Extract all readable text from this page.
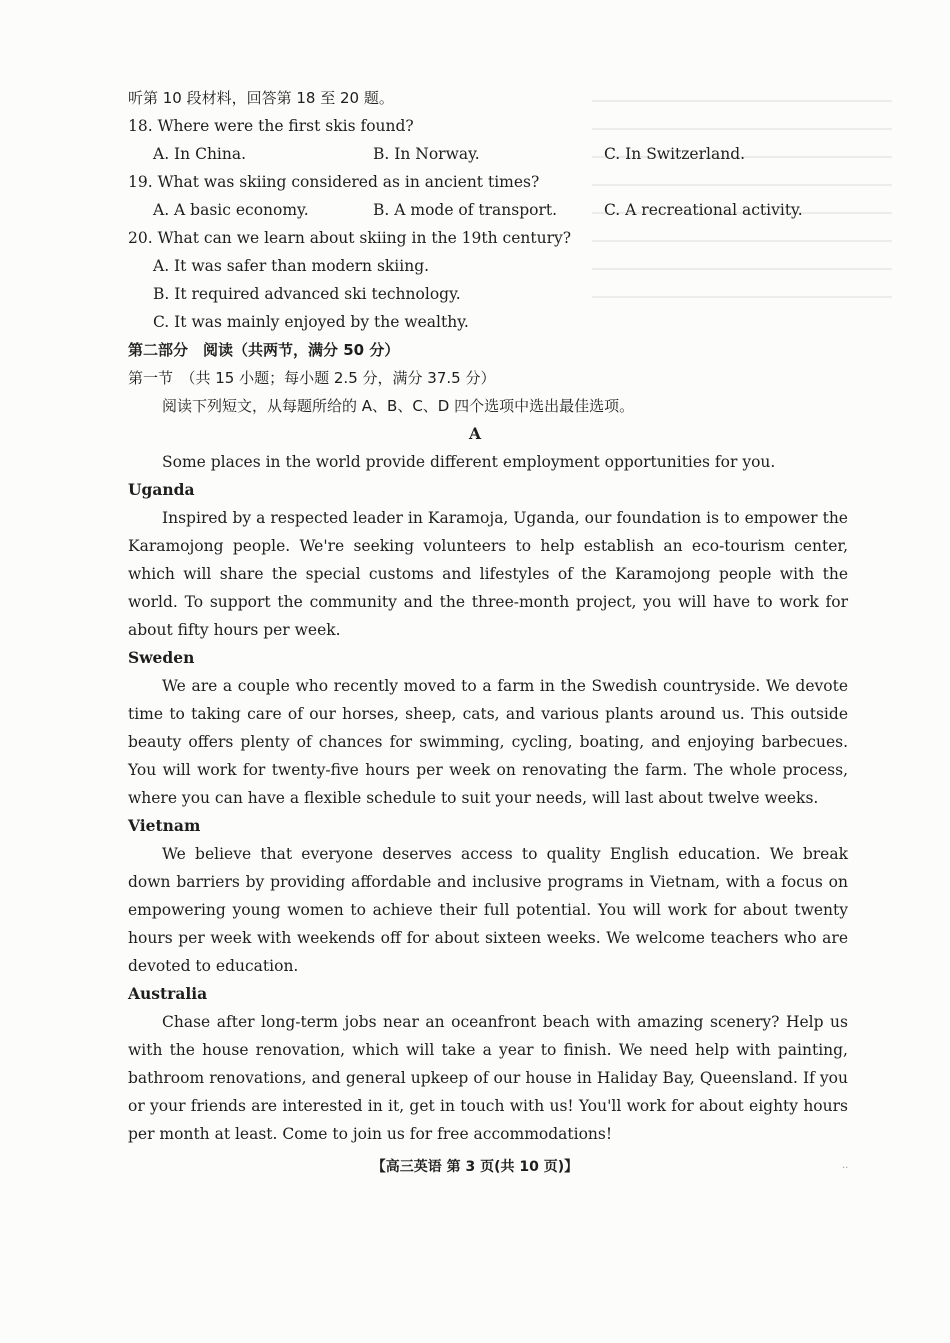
听第 10 段材料，回答第 18 至 20 题。
18. Where were the first skis found?
A. In China.	B. In Norway.	C. In Switzerland.
19. What was skiing considered as in ancient times?
A. A basic economy.	B. A mode of transport.	C. A recreational activity.
20. What can we learn about skiing in the 19th century?
A. It was safer than modern skiing.
B. It required advanced ski technology.
C. It was mainly enjoyed by the wealthy.
第二部分　阅读（共两节，满分 50 分）
第一节　（共 15 小题；每小题 2.5 分，满分 37.5 分）
阅读下列短文，从每题所给的 A、B、C、D 四个选项中选出最佳选项。
A
Some places in the world provide different employment opportunities for you.
Uganda

Inspired by a respected leader in Karamoja, Uganda, our foundation is to empower the Karamojong people. We're seeking volunteers to help establish an eco-tourism center, which will share the special customs and lifestyles of the Karamojong people with the world. To support the community and the three-month project, you will have to work for about fifty hours per week.

Sweden

We are a couple who recently moved to a farm in the Swedish countryside. We devote time to taking care of our horses, sheep, cats, and various plants around us. This outside beauty offers plenty of chances for swimming, cycling, boating, and enjoying barbecues. You will work for twenty-five hours per week on renovating the farm. The whole process, where you can have a flexible schedule to suit your needs, will last about twelve weeks.

Vietnam

We believe that everyone deserves access to quality English education. We break down barriers by providing affordable and inclusive programs in Vietnam, with a focus on empowering young women to achieve their full potential. You will work for about twenty hours per week with weekends off for about sixteen weeks. We welcome teachers who are devoted to education.

Australia

Chase after long-term jobs near an oceanfront beach with amazing scenery? Help us with the house renovation, which will take a year to finish. We need help with painting, bathroom renovations, and general upkeep of our house in Haliday Bay, Queensland. If you or your friends are interested in it, get in touch with us! You'll work for about eighty hours per month at least. Come to join us for free accommodations!

【高三英语 第 3 页(共 10 页)】	..
